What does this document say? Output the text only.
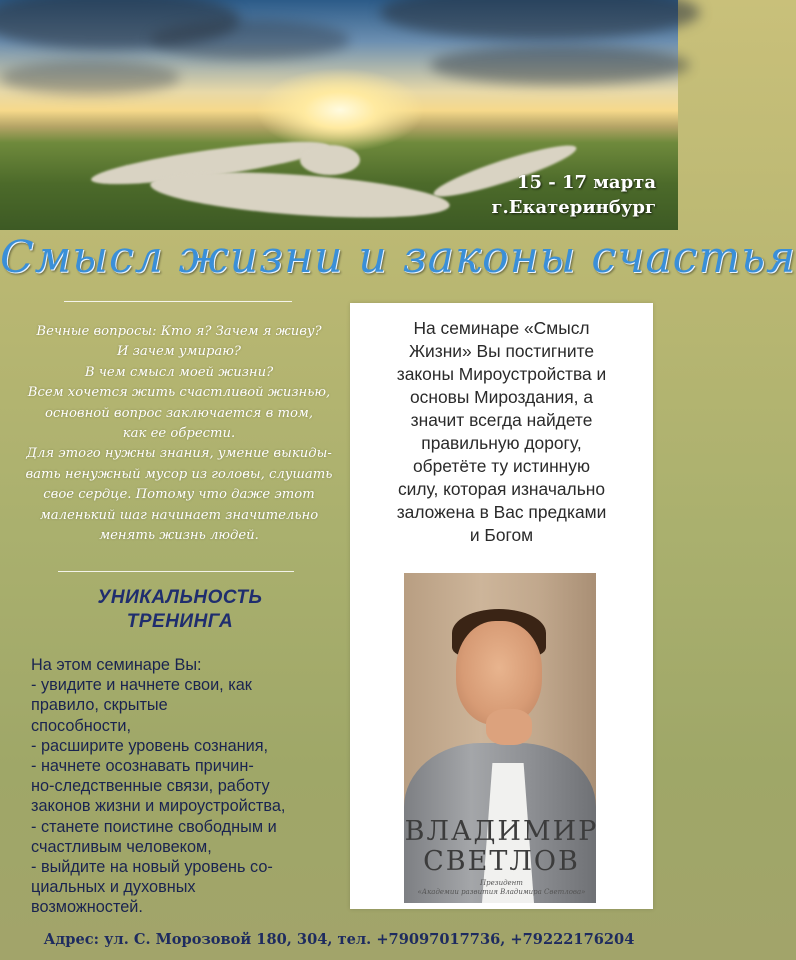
15 - 17 марта
г.Екатеринбург
Смысл жизни и законы счастья
Вечные вопросы: Кто я? Зачем я живу?
И зачем умираю?
В чем смысл моей жизни?
Всем хочется жить счастливой жизнью,
основной вопрос заключается в том,
как ее обрести.
Для этого нужны знания, умение выкиды-
вать ненужный мусор из головы, слушать
свое сердце. Потому что даже этот
маленький шаг начинает значительно
менять жизнь людей.
УНИКАЛЬНОСТЬ
ТРЕНИНГА
На этом семинаре Вы:
- увидите и начнете свои, как
правило, скрытые
способности,
- расширите уровень сознания,
- начнете осознавать причин-
но-следственные связи, работу
законов жизни и мироустройства,
- станете поистине свободным и
счастливым человеком,
- выйдите на новый уровень со-
циальных и духовных
возможностей.
На семинаре «Смысл
Жизни» Вы постигните
законы Мироустройства и
основы Мироздания, а
значит всегда найдете
правильную дорогу,
обретёте ту истинную
силу, которая изначально
заложена в Вас предками
и Богом
ВЛАДИМИР
СВЕТЛОВ
Президент
«Академии развития Владимира Светлова»
Адрес: ул. С. Морозовой 180, 304, тел. +79097017736, +79222176204
